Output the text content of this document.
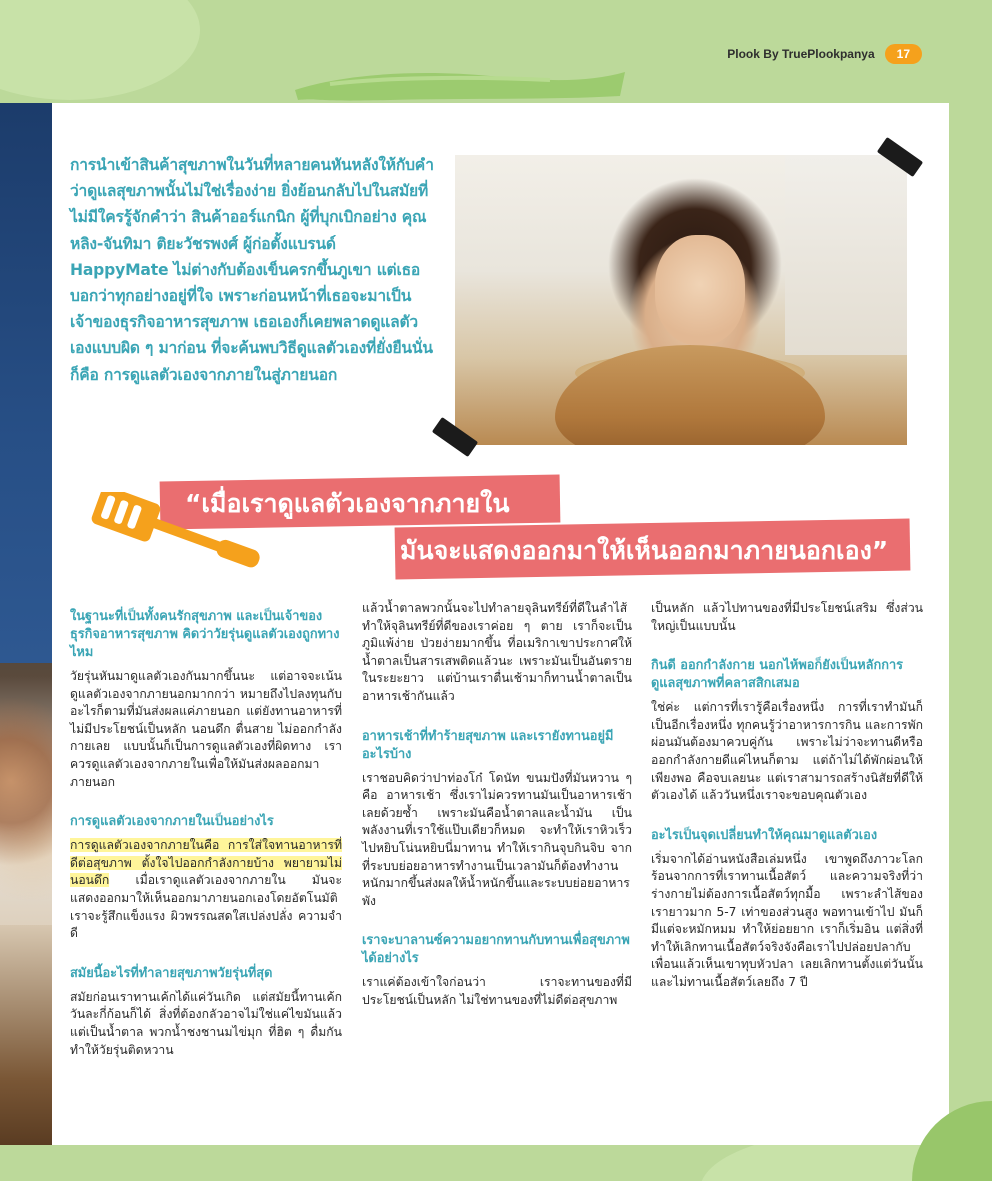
Plook By TruePlookpanya	17
การนำเข้าสินค้าสุขภาพในวันที่หลายคนหันหลังให้กับคำว่าดูแลสุขภาพนั้นไม่ใช่เรื่องง่าย ยิ่งย้อนกลับไปในสมัยที่ไม่มีใครรู้จักคำว่า สินค้าออร์แกนิก ผู้ที่บุกเบิกอย่าง คุณหลิง-จันทิมา ติยะวัชรพงศ์ ผู้ก่อตั้งแบรนด์ HappyMate ไม่ต่างกับต้องเข็นครกขึ้นภูเขา แต่เธอบอกว่าทุกอย่างอยู่ที่ใจ เพราะก่อนหน้าที่เธอจะมาเป็นเจ้าของธุรกิจอาหารสุขภาพ เธอเองก็เคยพลาดดูแลตัวเองแบบผิด ๆ มาก่อน ที่จะค้นพบวิธีดูแลตัวเองที่ยั่งยืนนั่นก็คือ การดูแลตัวเองจากภายในสู่ภายนอก
“เมื่อเราดูแลตัวเองจากภายใน
มันจะแสดงออกมาให้เห็นออกมาภายนอกเอง”
ในฐานะที่เป็นทั้งคนรักสุขภาพ และเป็นเจ้าของธุรกิจอาหารสุขภาพ คิดว่าวัยรุ่นดูแลตัวเองถูกทางไหม

วัยรุ่นหันมาดูแลตัวเองกันมากขึ้นนะ แต่อาจจะเน้นดูแลตัวเองจากภายนอกมากกว่า หมายถึงไปลงทุนกับอะไรก็ตามที่มันส่งผลแค่ภายนอก แต่ยังทานอาหารที่ไม่มีประโยชน์เป็นหลัก นอนดึก ตื่นสาย ไม่ออกกำลังกายเลย แบบนั้นก็เป็นการดูแลตัวเองที่ผิดทาง เราควรดูแลตัวเองจากภายในเพื่อให้มันส่งผลออกมาภายนอก

การดูแลตัวเองจากภายในเป็นอย่างไร

การดูแลตัวเองจากภายในคือ การใส่ใจทานอาหารที่ดีต่อสุขภาพ ตั้งใจไปออกกำลังกายบ้าง พยายามไม่นอนดึก เมื่อเราดูแลตัวเองจากภายใน มันจะแสดงออกมาให้เห็นออกมาภายนอกเองโดยอัตโนมัติ เราจะรู้สึกแข็งแรง ผิวพรรณสดใสเปล่งปลั่ง ความจำดี

สมัยนี้อะไรที่ทำลายสุขภาพวัยรุ่นที่สุด

สมัยก่อนเราทานเค้กได้แค่วันเกิด แต่สมัยนี้ทานเค้กวันละกี่ก้อนก็ได้ สิ่งที่ต้องกลัวอาจไม่ใช่แค่ไขมันแล้ว แต่เป็นน้ำตาล พวกน้ำชงชานมไข่มุก ที่ฮิต ๆ ดื่มกัน ทำให้วัยรุ่นติดหวาน

แล้วน้ำตาลพวกนั้นจะไปทำลายจุลินทรีย์ที่ดีในลำไส้ ทำให้จุลินทรีย์ที่ดีของเราค่อย ๆ ตาย เราก็จะเป็นภูมิแพ้ง่าย ป่วยง่ายมากขึ้น ที่อเมริกาเขาประกาศให้น้ำตาลเป็นสารเสพติดแล้วนะ เพราะมันเป็นอันตรายในระยะยาว แต่บ้านเราตื่นเช้ามาก็ทานน้ำตาลเป็นอาหารเช้ากันแล้ว

อาหารเช้าที่ทำร้ายสุขภาพ และเรายังทานอยู่มีอะไรบ้าง

เราชอบคิดว่าปาท่องโก๋ โดนัท ขนมปังที่มันหวาน ๆ คือ อาหารเช้า ซึ่งเราไม่ควรทานมันเป็นอาหารเช้าเลยด้วยซ้ำ เพราะมันคือน้ำตาลและน้ำมัน เป็นพลังงานที่เราใช้แป๊บเดียวก็หมด จะทำให้เราหิวเร็วไปหยิบโน่นหยิบนี่มาทาน ทำให้เรากินจุบกินจิบ จากที่ระบบย่อยอาหารทำงานเป็นเวลามันก็ต้องทำงานหนักมากขึ้นส่งผลให้น้ำหนักขึ้นและระบบย่อยอาหารพัง

เราจะบาลานซ์ความอยากทานกับทานเพื่อสุขภาพได้อย่างไร

เราแค่ต้องเข้าใจก่อนว่า เราจะทานของที่มีประโยชน์เป็นหลัก ไม่ใช่ทานของที่ไม่ดีต่อสุขภาพ

เป็นหลัก แล้วไปทานของที่มีประโยชน์เสริม ซึ่งส่วนใหญ่เป็นแบบนั้น

กินดี ออกกำลังกาย นอกไห้พอก็ยังเป็นหลักการดูแลสุขภาพที่คลาสสิกเสมอ

ใช่ค่ะ แต่การที่เรารู้คือเรื่องหนึ่ง การที่เราทำมันก็เป็นอีกเรื่องหนึ่ง ทุกคนรู้ว่าอาหารการกิน และการพักผ่อนมันต้องมาควบคู่กัน เพราะไม่ว่าจะทานดีหรือออกกำลังกายดีแค่ไหนก็ตาม แต่ถ้าไม่ได้พักผ่อนให้เพียงพอ คือจบเลยนะ แต่เราสามารถสร้างนิสัยที่ดีให้ตัวเองได้ แล้ววันหนึ่งเราจะขอบคุณตัวเอง

อะไรเป็นจุดเปลี่ยนทำให้คุณมาดูแลตัวเอง

เริ่มจากได้อ่านหนังสือเล่มหนึ่ง เขาพูดถึงภาวะโลกร้อนจากการที่เราทานเนื้อสัตว์ และความจริงที่ว่าร่างกายไม่ต้องการเนื้อสัตว์ทุกมื้อ เพราะลำไส้ของเรายาวมาก 5-7 เท่าของส่วนสูง พอทานเข้าไป มันก็มีแต่จะหมักหมม ทำให้ย่อยยาก เราก็เริ่มอิน แต่สิ่งที่ทำให้เลิกทานเนื้อสัตว์จริงจังคือเราไปปล่อยปลากับเพื่อนแล้วเห็นเขาทุบหัวปลา เลยเลิกทานตั้งแต่วันนั้นและไม่ทานเนื้อสัตว์เลยถึง 7 ปี
